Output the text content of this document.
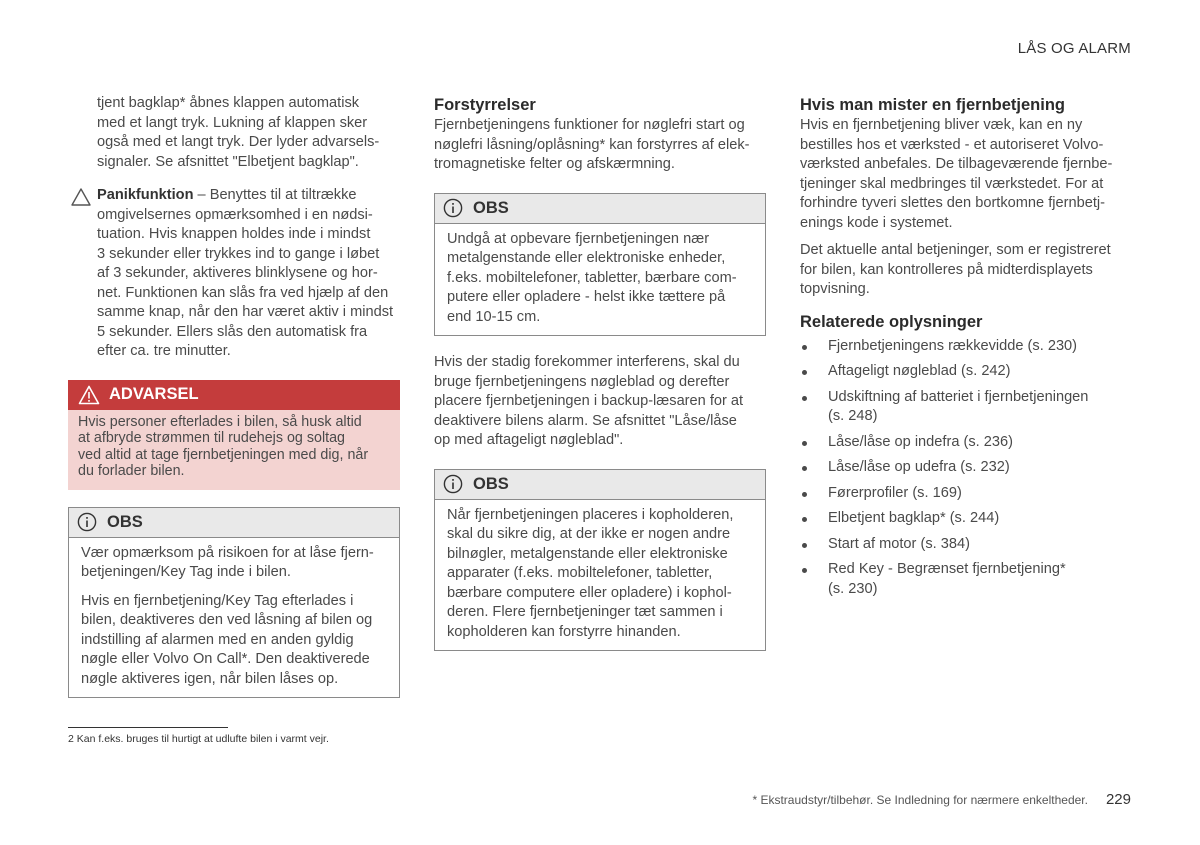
LÅS OG ALARM

tjent bagklap* åbnes klappen automatisk
med et langt tryk. Lukning af klappen sker
også med et langt tryk. Der lyder advarsels-
signaler. Se afsnittet "Elbetjent bagklap".

Panikfunktion – Benyttes til at tiltrække
omgivelsernes opmærksomhed i en nødsi-
tuation. Hvis knappen holdes inde i mindst
3 sekunder eller trykkes ind to gange i løbet
af 3 sekunder, aktiveres blinklysene og hor-
net. Funktionen kan slås fra ved hjælp af den
samme knap, når den har været aktiv i mindst
5 sekunder. Ellers slås den automatisk fra
efter ca. tre minutter.

ADVARSEL
Hvis personer efterlades i bilen, så husk altid
at afbryde strømmen til rudehejs og soltag
ved altid at tage fjernbetjeningen med dig, når
du forlader bilen.
OBS

Vær opmærksom på risikoen for at låse fjern-
betjeningen/Key Tag inde i bilen.

Hvis en fjernbetjening/Key Tag efterlades i
bilen, deaktiveres den ved låsning af bilen og
indstilling af alarmen med en anden gyldig
nøgle eller Volvo On Call*. Den deaktiverede
nøgle aktiveres igen, når bilen låses op.

Forstyrrelser

Fjernbetjeningens funktioner for nøglefri start og
nøglefri låsning/oplåsning* kan forstyrres af elek-
tromagnetiske felter og afskærmning.

OBS

Undgå at opbevare fjernbetjeningen nær
metalgenstande eller elektroniske enheder,
f.eks. mobiltelefoner, tabletter, bærbare com-
putere eller opladere - helst ikke tættere på
end 10-15 cm.

Hvis der stadig forekommer interferens, skal du
bruge fjernbetjeningens nøgleblad og derefter
placere fjernbetjeningen i backup-læsaren for at
deaktivere bilens alarm. Se afsnittet "Låse/låse
op med aftageligt nøgleblad".

OBS

Når fjernbetjeningen placeres i kopholderen,
skal du sikre dig, at der ikke er nogen andre
bilnøgler, metalgenstande eller elektroniske
apparater (f.eks. mobiltelefoner, tabletter,
bærbare computere eller opladere) i kophol-
deren. Flere fjernbetjeninger tæt sammen i
kopholderen kan forstyrre hinanden.

Hvis man mister en fjernbetjening

Hvis en fjernbetjening bliver væk, kan en ny
bestilles hos et værksted - et autoriseret Volvo-
værksted anbefales. De tilbageværende fjernbe-
tjeninger skal medbringes til værkstedet. For at
forhindre tyveri slettes den bortkomne fjernbetj-
enings kode i systemet.

Det aktuelle antal betjeninger, som er registreret
for bilen, kan kontrolleres på midterdisplayets
topvisning.

Relaterede oplysninger
Fjernbetjeningens rækkevidde (s. 230)
Aftageligt nøgleblad (s. 242)
Udskiftning af batteriet i fjernbetjeningen
(s. 248)
Låse/låse op indefra (s. 236)
Låse/låse op udefra (s. 232)
Førerprofiler (s. 169)
Elbetjent bagklap* (s. 244)
Start af motor (s. 384)
Red Key - Begrænset fjernbetjening*
(s. 230)
2 Kan f.eks. bruges til hurtigt at udlufte bilen i varmt vejr.
* Ekstraudstyr/tilbehør. Se Indledning for nærmere enkeltheder. 229
